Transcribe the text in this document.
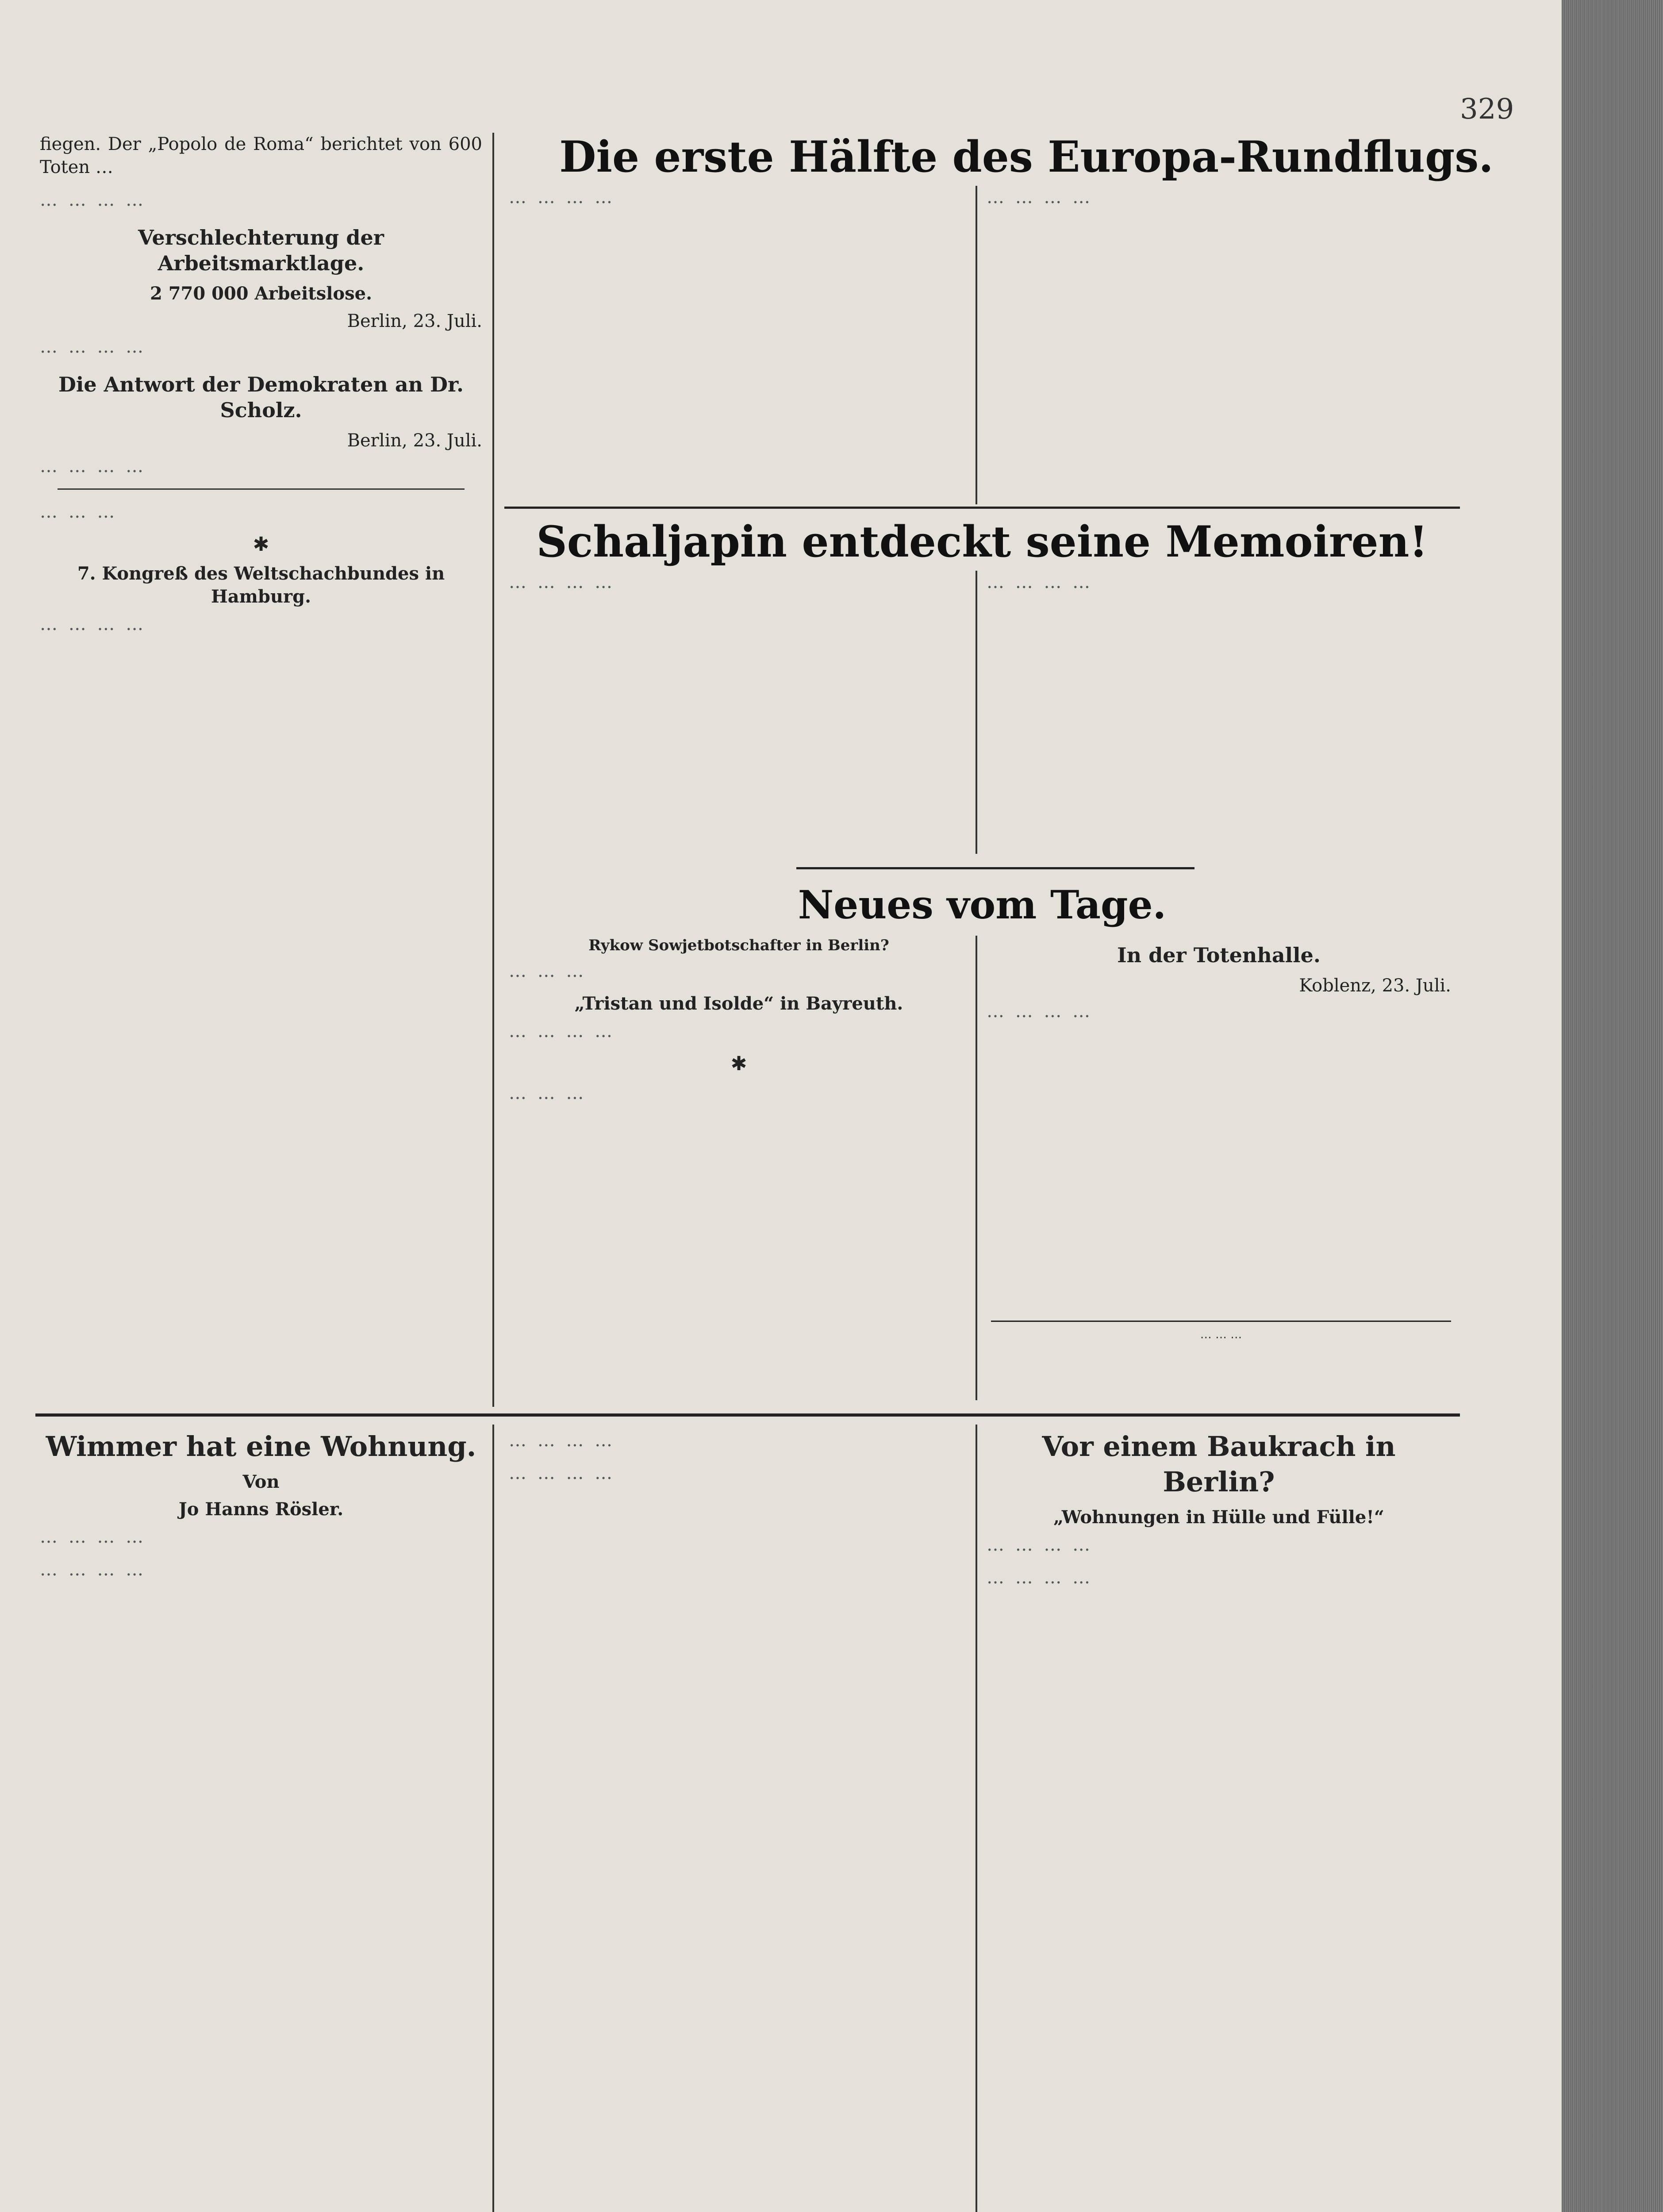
329

fiegen. Der „Popolo de Roma“ berichtet von 600 Toten …

… … … …

Verschlechterung der Arbeitsmarktlage.

2 770 000 Arbeitslose.

Berlin, 23. Juli.

… … … …

Die Antwort der Demokraten an Dr. Scholz.

Berlin, 23. Juli.

… … … …

… … …

✱

7. Kongreß des Weltschachbundes in Hamburg.

… … … …

Die erste Hälfte des Europa-Rundflugs.

… … … …	… … … …

Schaljapin entdeckt seine Memoiren!

… … … …	… … … …

Neues vom Tage.

Rykow Sowjetbotschafter in Berlin?

… … …

„Tristan und Isolde“ in Bayreuth.

… … … …

✱

… … …

In der Totenhalle.

Koblenz, 23. Juli.

… … … …

… … …
Wimmer hat eine Wohnung.

Von

Jo Hanns Rösler.

… … … …

… … … …

… … … …

… … … …

Vor einem Baukrach in Berlin?

„Wohnungen in Hülle und Fülle!“

… … … …

… … … …
